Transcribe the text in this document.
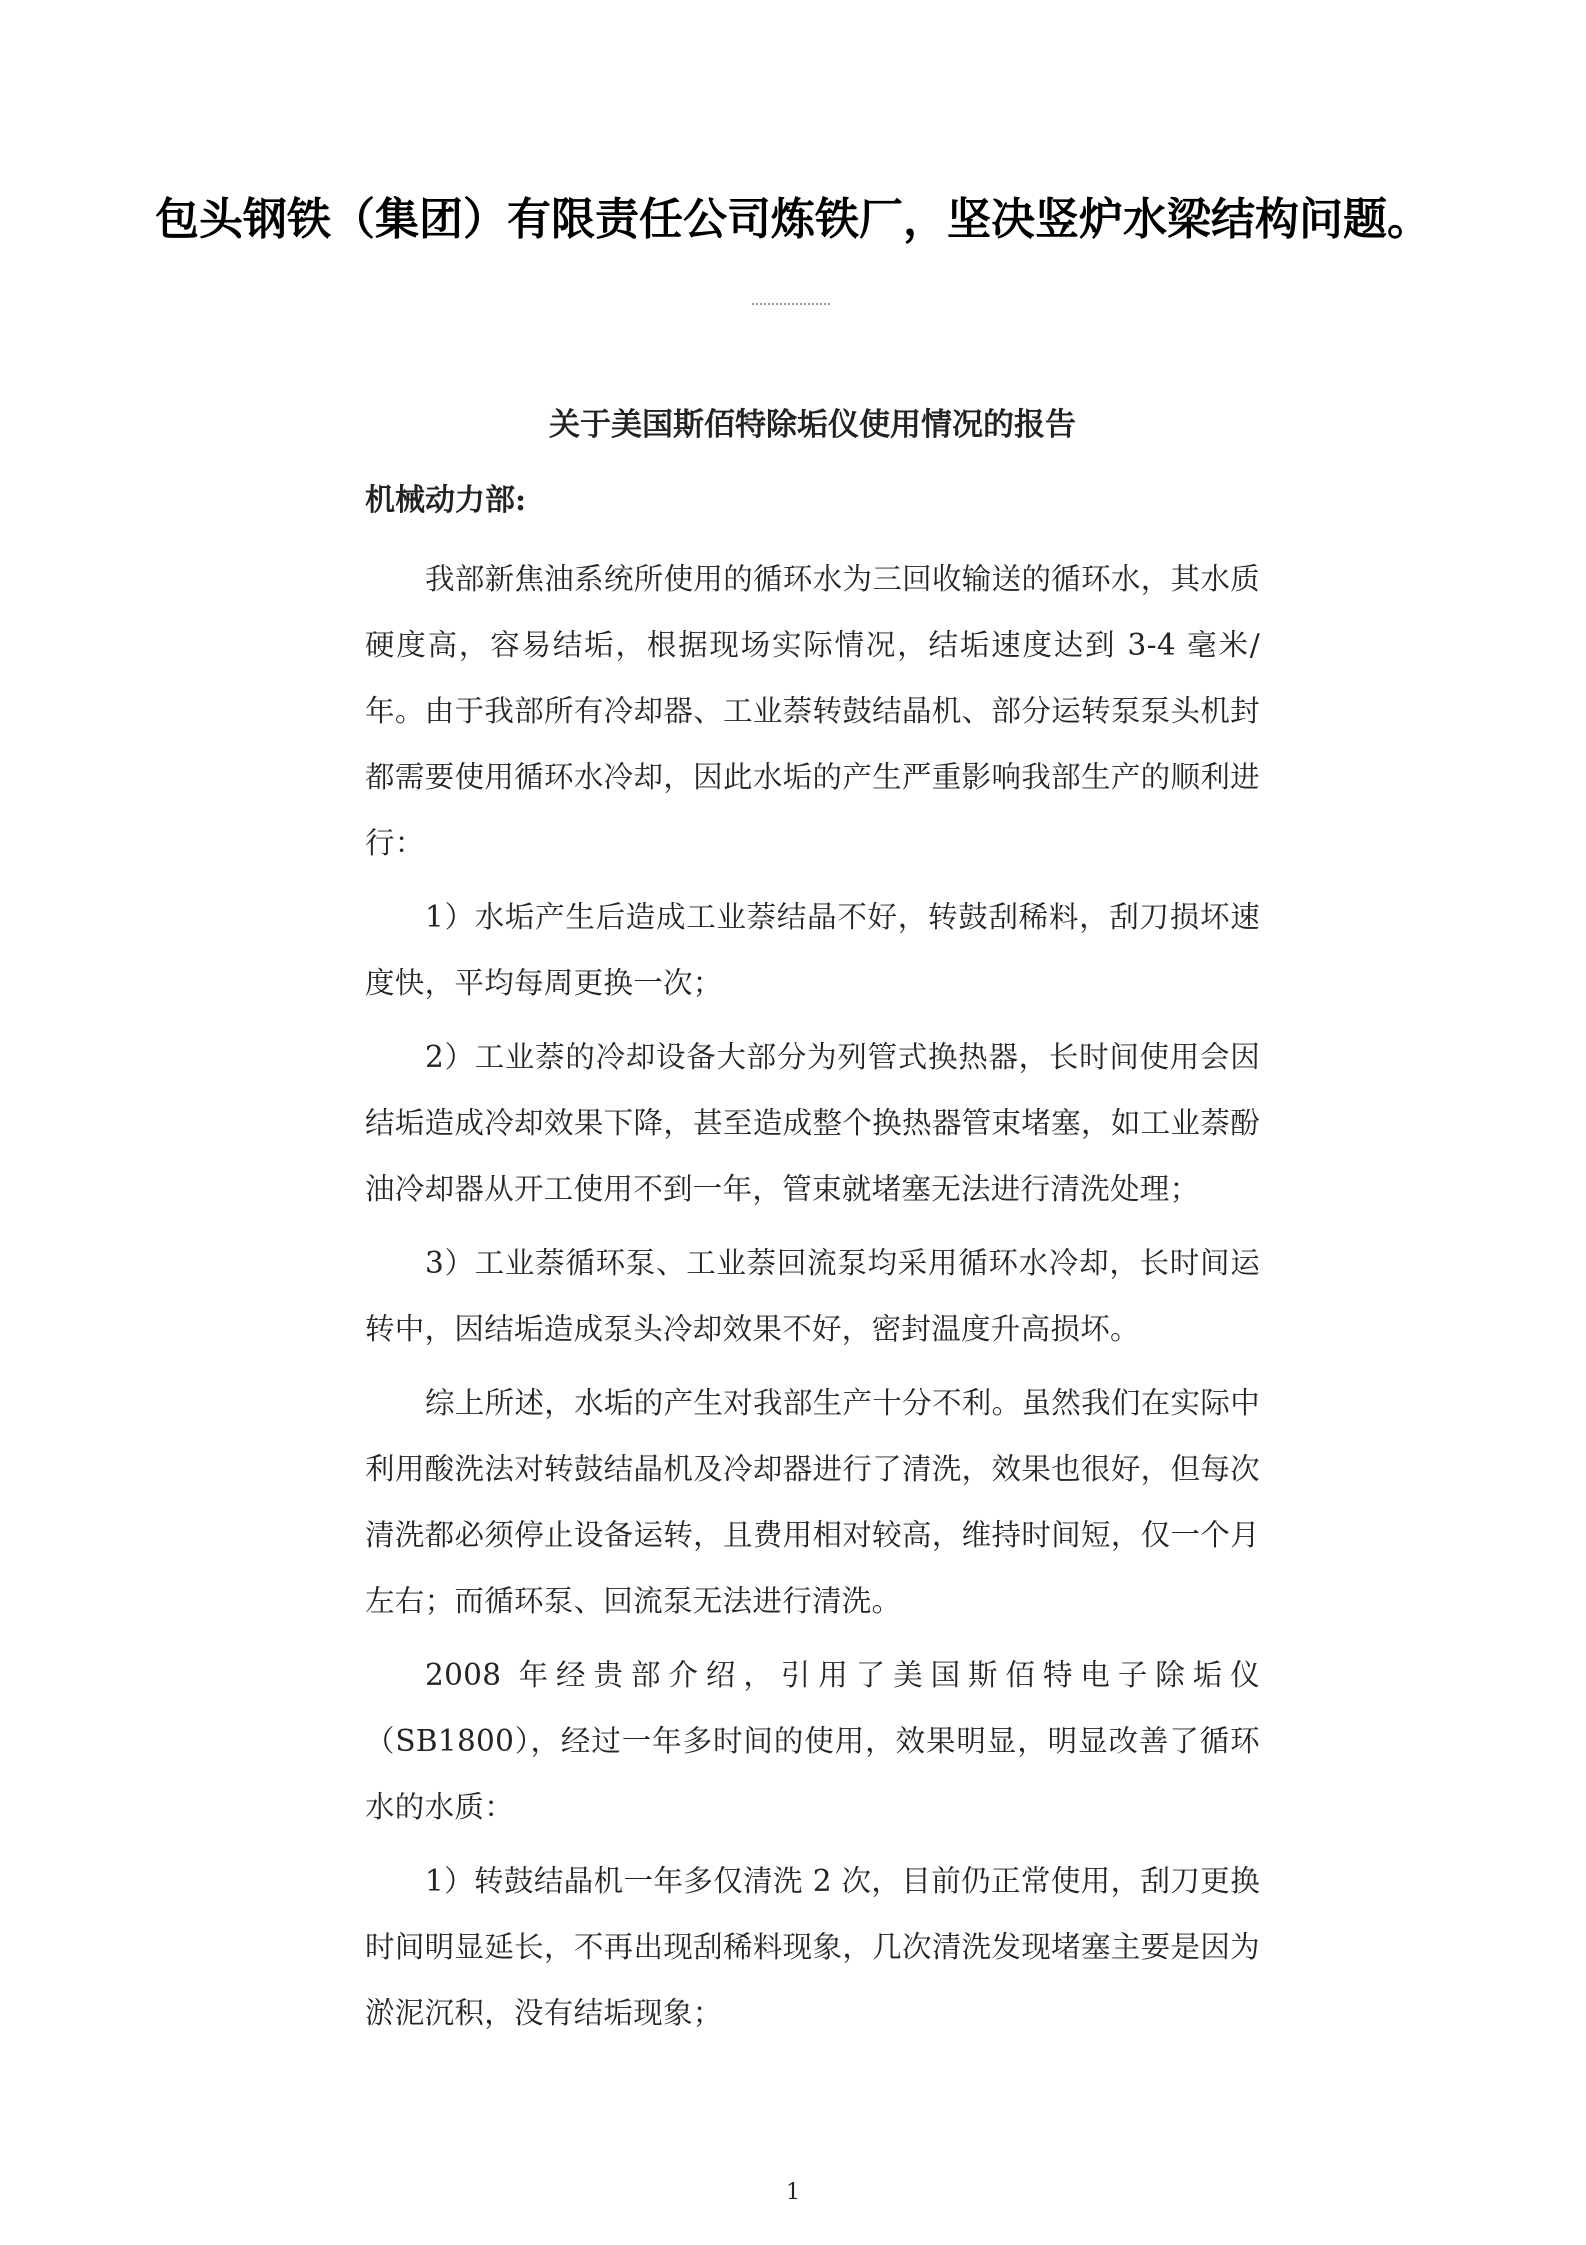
包头钢铁（集团）有限责任公司炼铁厂，坚决竖炉水梁结构问题。
关于美国斯佰特除垢仪使用情况的报告
机械动力部:

我部新焦油系统所使用的循环水为三回收输送的循环水，其水质硬度高，容易结垢，根据现场实际情况，结垢速度达到 3-4 毫米/年。由于我部所有冷却器、工业萘转鼓结晶机、部分运转泵泵头机封都需要使用循环水冷却，因此水垢的产生严重影响我部生产的顺利进行：

1）水垢产生后造成工业萘结晶不好，转鼓刮稀料，刮刀损坏速度快，平均每周更换一次；

2）工业萘的冷却设备大部分为列管式换热器，长时间使用会因结垢造成冷却效果下降，甚至造成整个换热器管束堵塞，如工业萘酚油冷却器从开工使用不到一年，管束就堵塞无法进行清洗处理；

3）工业萘循环泵、工业萘回流泵均采用循环水冷却，长时间运转中，因结垢造成泵头冷却效果不好，密封温度升高损坏。

综上所述，水垢的产生对我部生产十分不利。虽然我们在实际中利用酸洗法对转鼓结晶机及冷却器进行了清洗，效果也很好，但每次清洗都必须停止设备运转，且费用相对较高，维持时间短，仅一个月左右；而循环泵、回流泵无法进行清洗。

2008 年经贵部介绍，引用了美国斯佰特电子除垢仪（SB1800），经过一年多时间的使用，效果明显，明显改善了循环水的水质：

1）转鼓结晶机一年多仅清洗 2 次，目前仍正常使用，刮刀更换时间明显延长，不再出现刮稀料现象，几次清洗发现堵塞主要是因为淤泥沉积，没有结垢现象；

1
